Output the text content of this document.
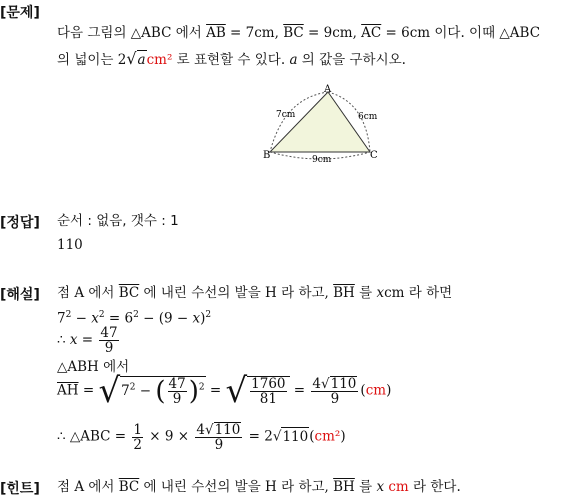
[문제]
다음 그림의 △ABC 에서 $\overline{AB} = 7cm$, $\overline{BC} = 9cm$, $\overline{AC} = 6cm$ 이다. 이때 △ABC
의 넓이는 2√acm² 로 표현할 수 있다. a 의 값을 구하시오.
A
B	C
7cm	6cm
9cm
[정답] 순서 : 없음, 갯수 : 1
110
[해설] 점 A 에서 $\overline{BC}$ 에 내린 수선의 발을 H 라 하고, $\overline{BH}$ 를 xcm 라 하면
$7^2 - x^2 = 6^2 - (9 - x)^2$
∴ $x = \frac{47}{9}$
△ABH 에서
$\overline{AH} = √7^2$ − ( $\frac{47}{9} )^2$ = √ $\frac{1760}{81} = \frac{4√110}{9} (cm)$
∴ △ABC = $\frac{1}{2} \times 9 \times \frac{4√110}{9} = 2√110(cm^2)$
[힌트] 점 A 에서 $\overline{BC}$ 에 내린 수선의 발을 H 라 하고, $\overline{BH}$ 를 x cm 라 한다.
